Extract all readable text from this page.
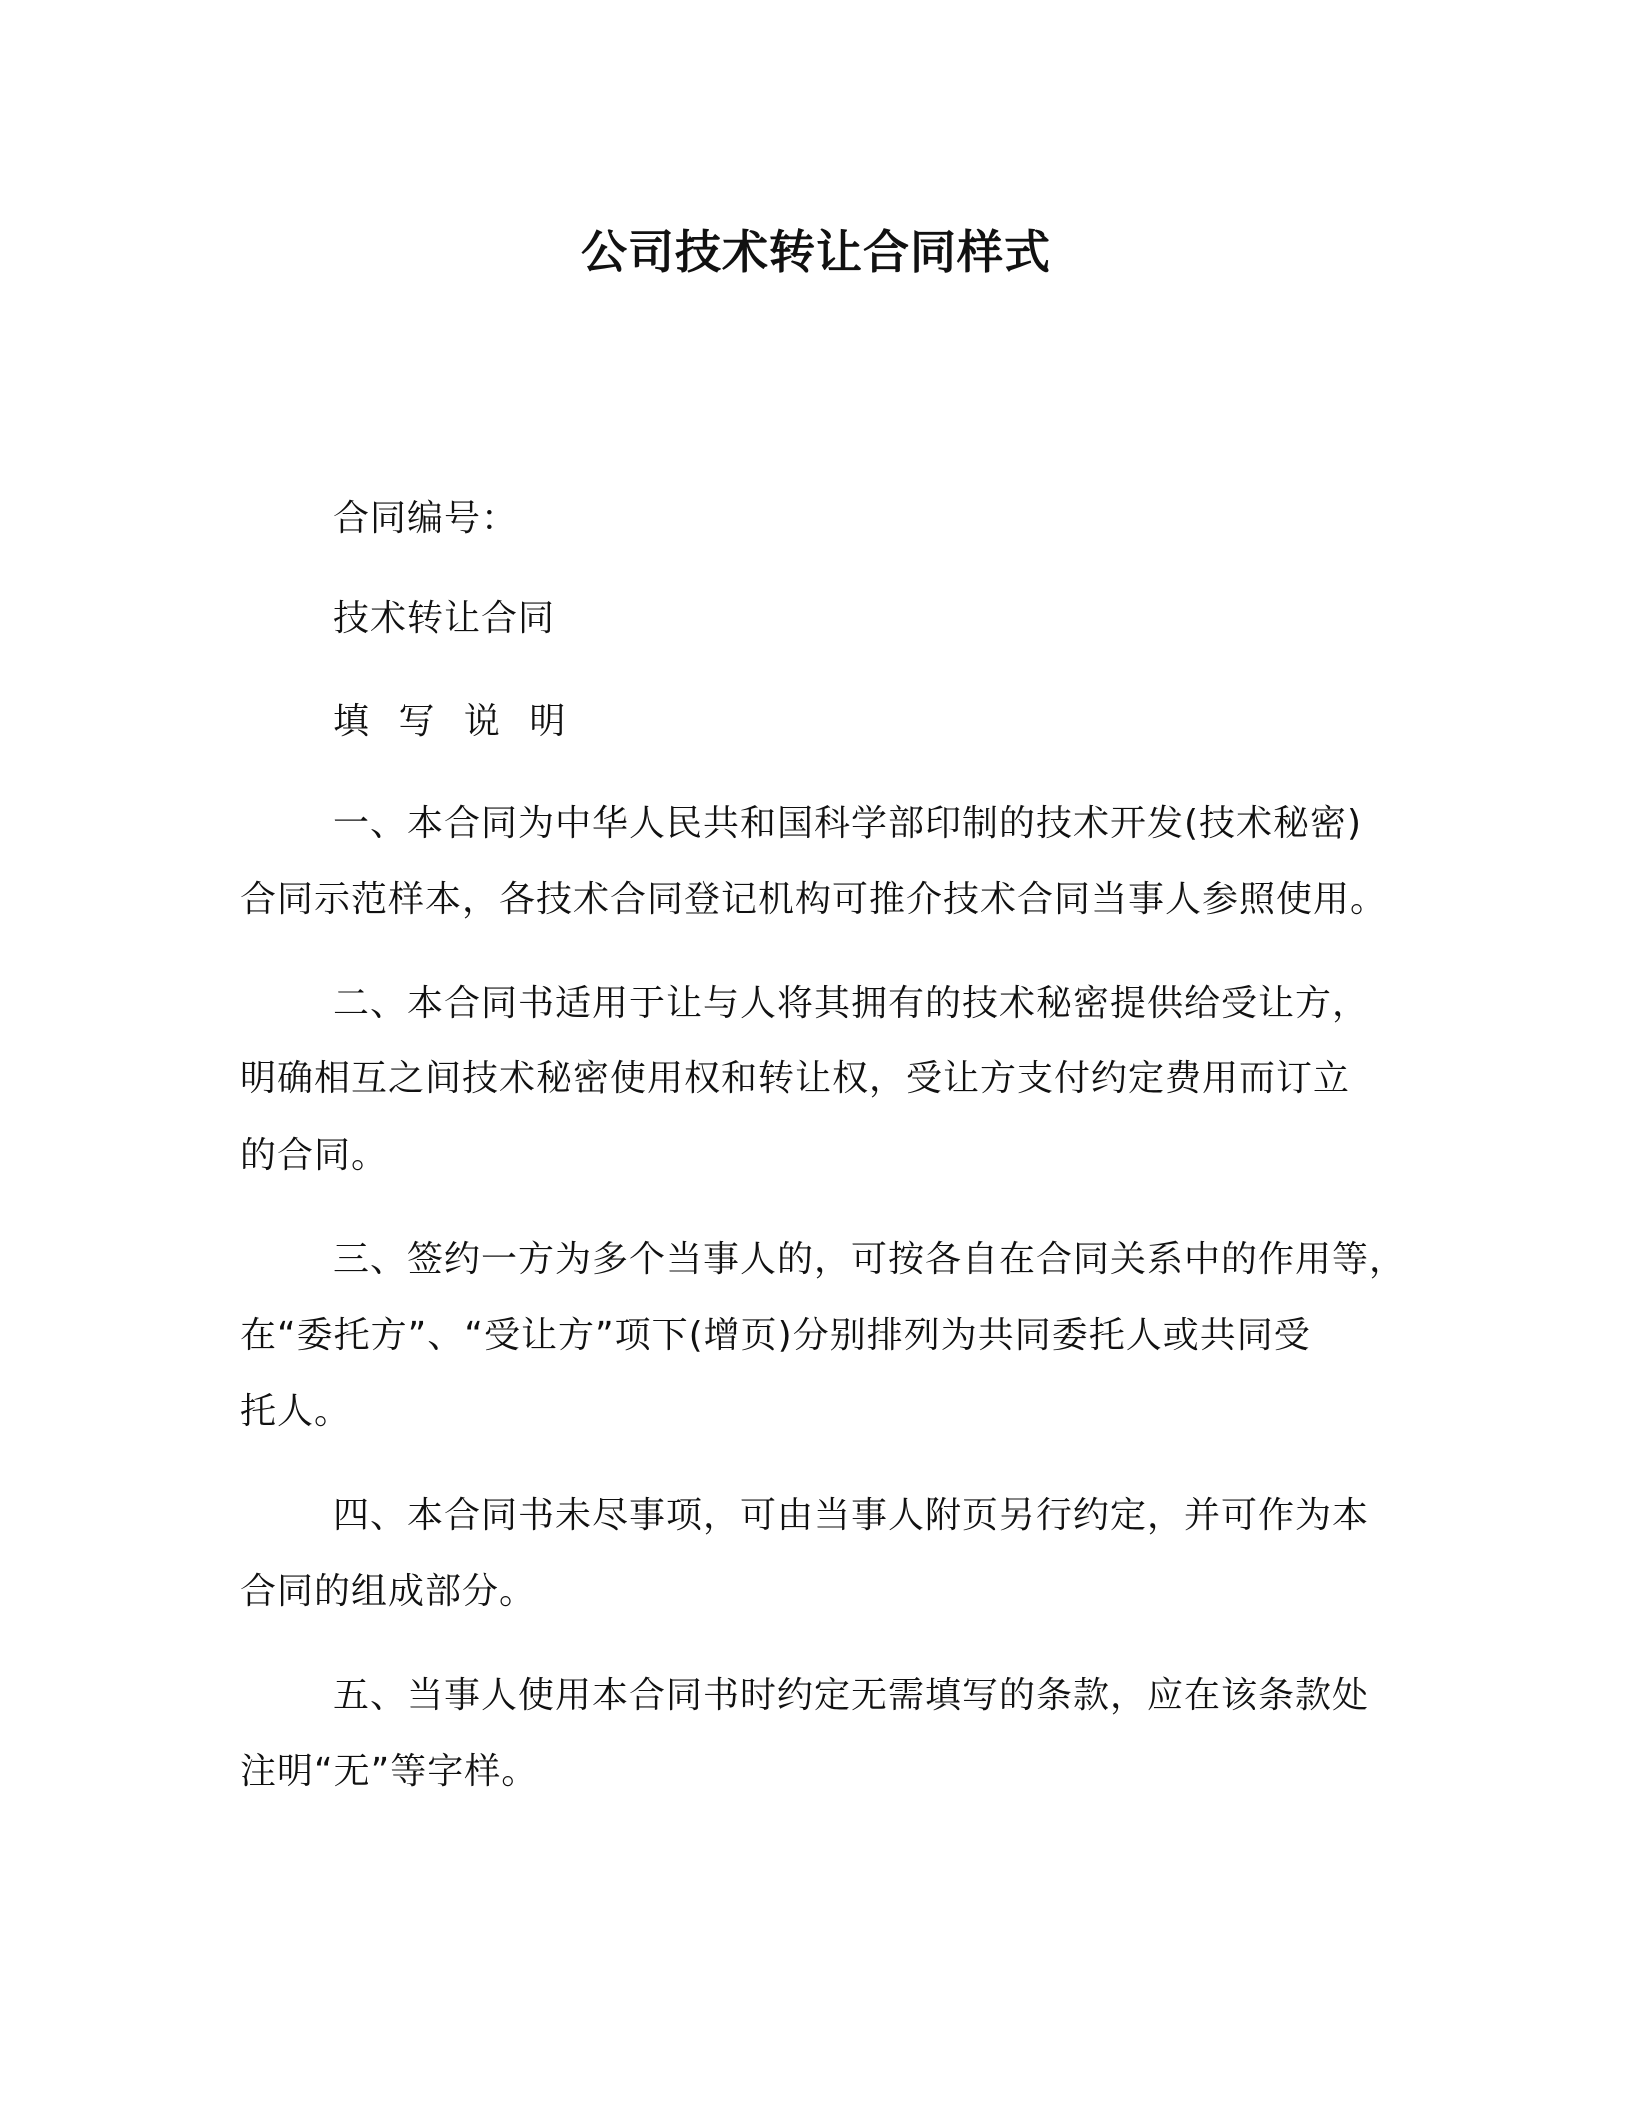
公司技术转让合同样式
合同编号：
技术转让合同
填 写 说 明
一、本合同为中华人民共和国科学部印制的技术开发(技术秘密)
合同示范样本，各技术合同登记机构可推介技术合同当事人参照使用。
二、本合同书适用于让与人将其拥有的技术秘密提供给受让方，
明确相互之间技术秘密使用权和转让权，受让方支付约定费用而订立
的合同。
三、签约一方为多个当事人的，可按各自在合同关系中的作用等，
在“委托方”、“受让方”项下(增页)分别排列为共同委托人或共同受
托人。
四、本合同书未尽事项，可由当事人附页另行约定，并可作为本
合同的组成部分。
五、当事人使用本合同书时约定无需填写的条款，应在该条款处
注明“无”等字样。
